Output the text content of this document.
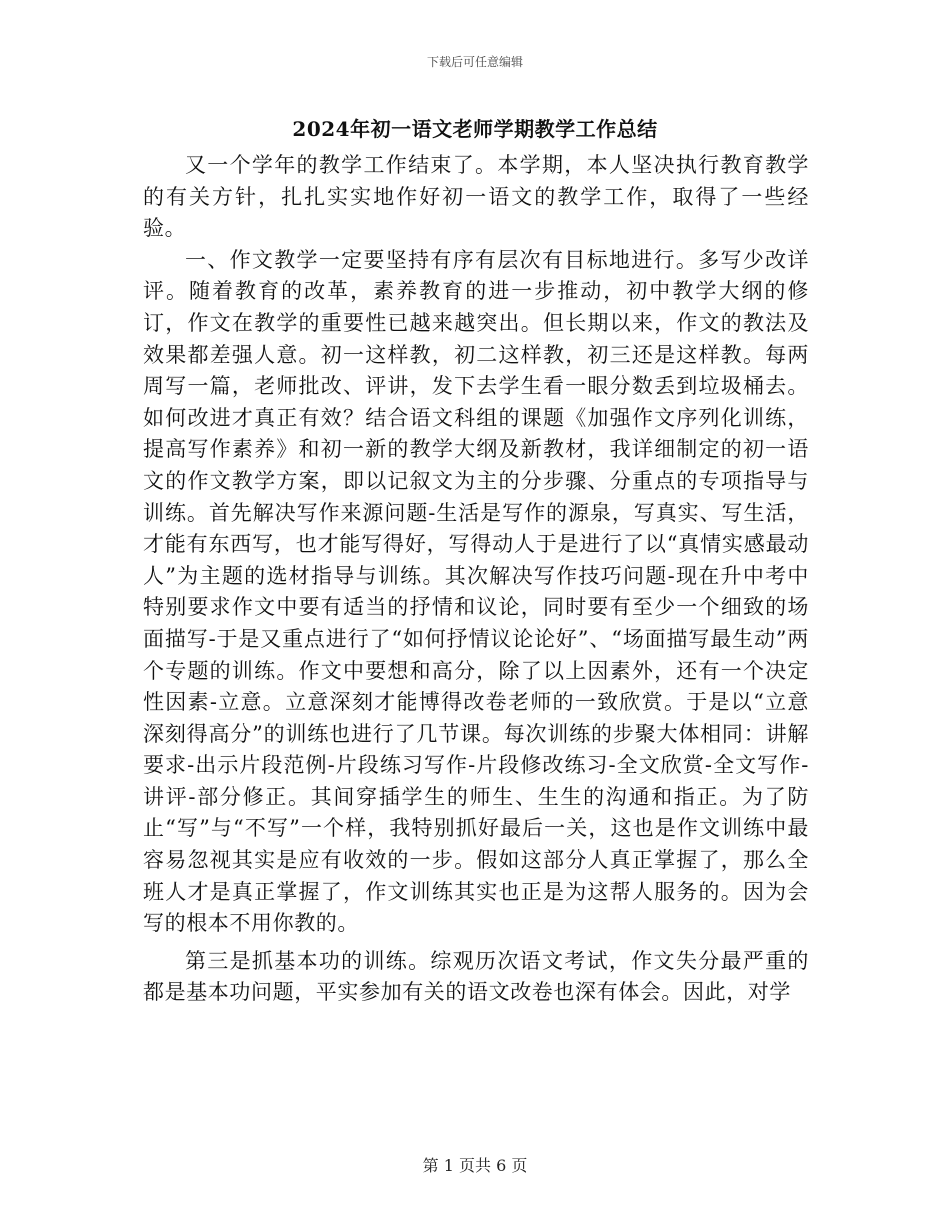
下载后可任意编辑
2024年初一语文老师学期教学工作总结

又一个学年的教学工作结束了。本学期，本人坚决执行教育教学的有关方针，扎扎实实地作好初一语文的教学工作，取得了一些经验。

一、作文教学一定要坚持有序有层次有目标地进行。多写少改详评。随着教育的改革，素养教育的进一步推动，初中教学大纲的修订，作文在教学的重要性已越来越突出。但长期以来，作文的教法及效果都差强人意。初一这样教，初二这样教，初三还是这样教。每两周写一篇，老师批改、评讲，发下去学生看一眼分数丢到垃圾桶去。如何改进才真正有效？结合语文科组的课题《加强作文序列化训练，提高写作素养》和初一新的教学大纲及新教材，我详细制定的初一语文的作文教学方案，即以记叙文为主的分步骤、分重点的专项指导与训练。首先解决写作来源问题-生活是写作的源泉，写真实、写生活，才能有东西写，也才能写得好，写得动人于是进行了以“真情实感最动人”为主题的选材指导与训练。其次解决写作技巧问题-现在升中考中特别要求作文中要有适当的抒情和议论，同时要有至少一个细致的场面描写-于是又重点进行了“如何抒情议论论好”、“场面描写最生动”两个专题的训练。作文中要想和高分，除了以上因素外，还有一个决定性因素-立意。立意深刻才能博得改卷老师的一致欣赏。于是以“立意深刻得高分”的训练也进行了几节课。每次训练的步聚大体相同：讲解要求-出示片段范例-片段练习写作-片段修改练习-全文欣赏-全文写作-讲评-部分修正。其间穿插学生的师生、生生的沟通和指正。为了防止“写”与“不写”一个样，我特别抓好最后一关，这也是作文训练中最容易忽视其实是应有收效的一步。假如这部分人真正掌握了，那么全班人才是真正掌握了，作文训练其实也正是为这帮人服务的。因为会写的根本不用你教的。

第三是抓基本功的训练。综观历次语文考试，作文失分最严重的都是基本功问题，平实参加有关的语文改卷也深有体会。因此，对学

第 1 页共 6 页
